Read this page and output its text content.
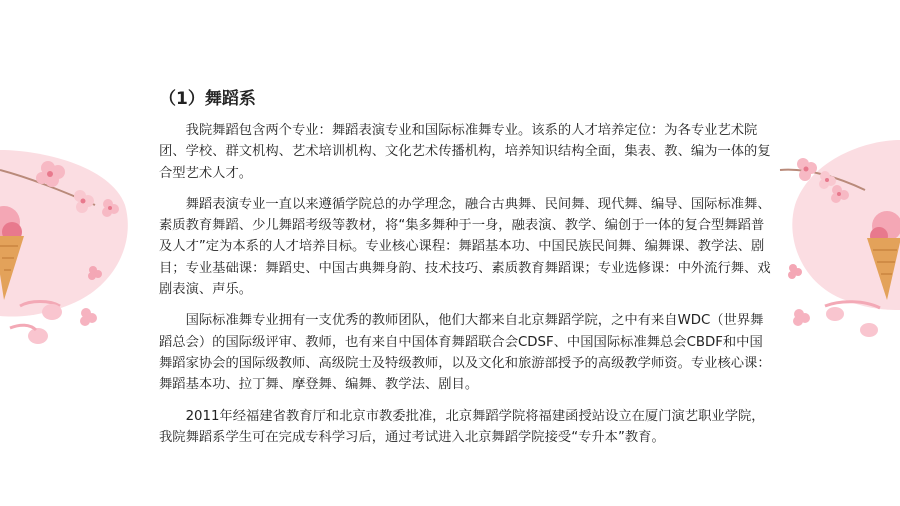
（1）舞蹈系

我院舞蹈包含两个专业：舞蹈表演专业和国际标准舞专业。该系的人才培养定位：为各专业艺术院团、学校、群文机构、艺术培训机构、文化艺术传播机构，培养知识结构全面，集表、教、编为一体的复合型艺术人才。

舞蹈表演专业一直以来遵循学院总的办学理念，融合古典舞、民间舞、现代舞、编导、国际标准舞、素质教育舞蹈、少儿舞蹈考级等教材，将“集多舞种于一身，融表演、教学、编创于一体的复合型舞蹈普及人才”定为本系的人才培养目标。专业核心课程：舞蹈基本功、中国民族民间舞、编舞课、教学法、剧目；专业基础课：舞蹈史、中国古典舞身韵、技术技巧、素质教育舞蹈课；专业选修课：中外流行舞、戏剧表演、声乐。

国际标准舞专业拥有一支优秀的教师团队，他们大都来自北京舞蹈学院，之中有来自WDC（世界舞蹈总会）的国际级评审、教师，也有来自中国体育舞蹈联合会CDSF、中国国际标准舞总会CBDF和中国舞蹈家协会的国际级教师、高级院士及特级教师，以及文化和旅游部授予的高级教学师资。专业核心课：舞蹈基本功、拉丁舞、摩登舞、编舞、教学法、剧目。

2011年经福建省教育厅和北京市教委批准，北京舞蹈学院将福建函授站设立在厦门演艺职业学院，我院舞蹈系学生可在完成专科学习后，通过考试进入北京舞蹈学院接受“专升本”教育。
